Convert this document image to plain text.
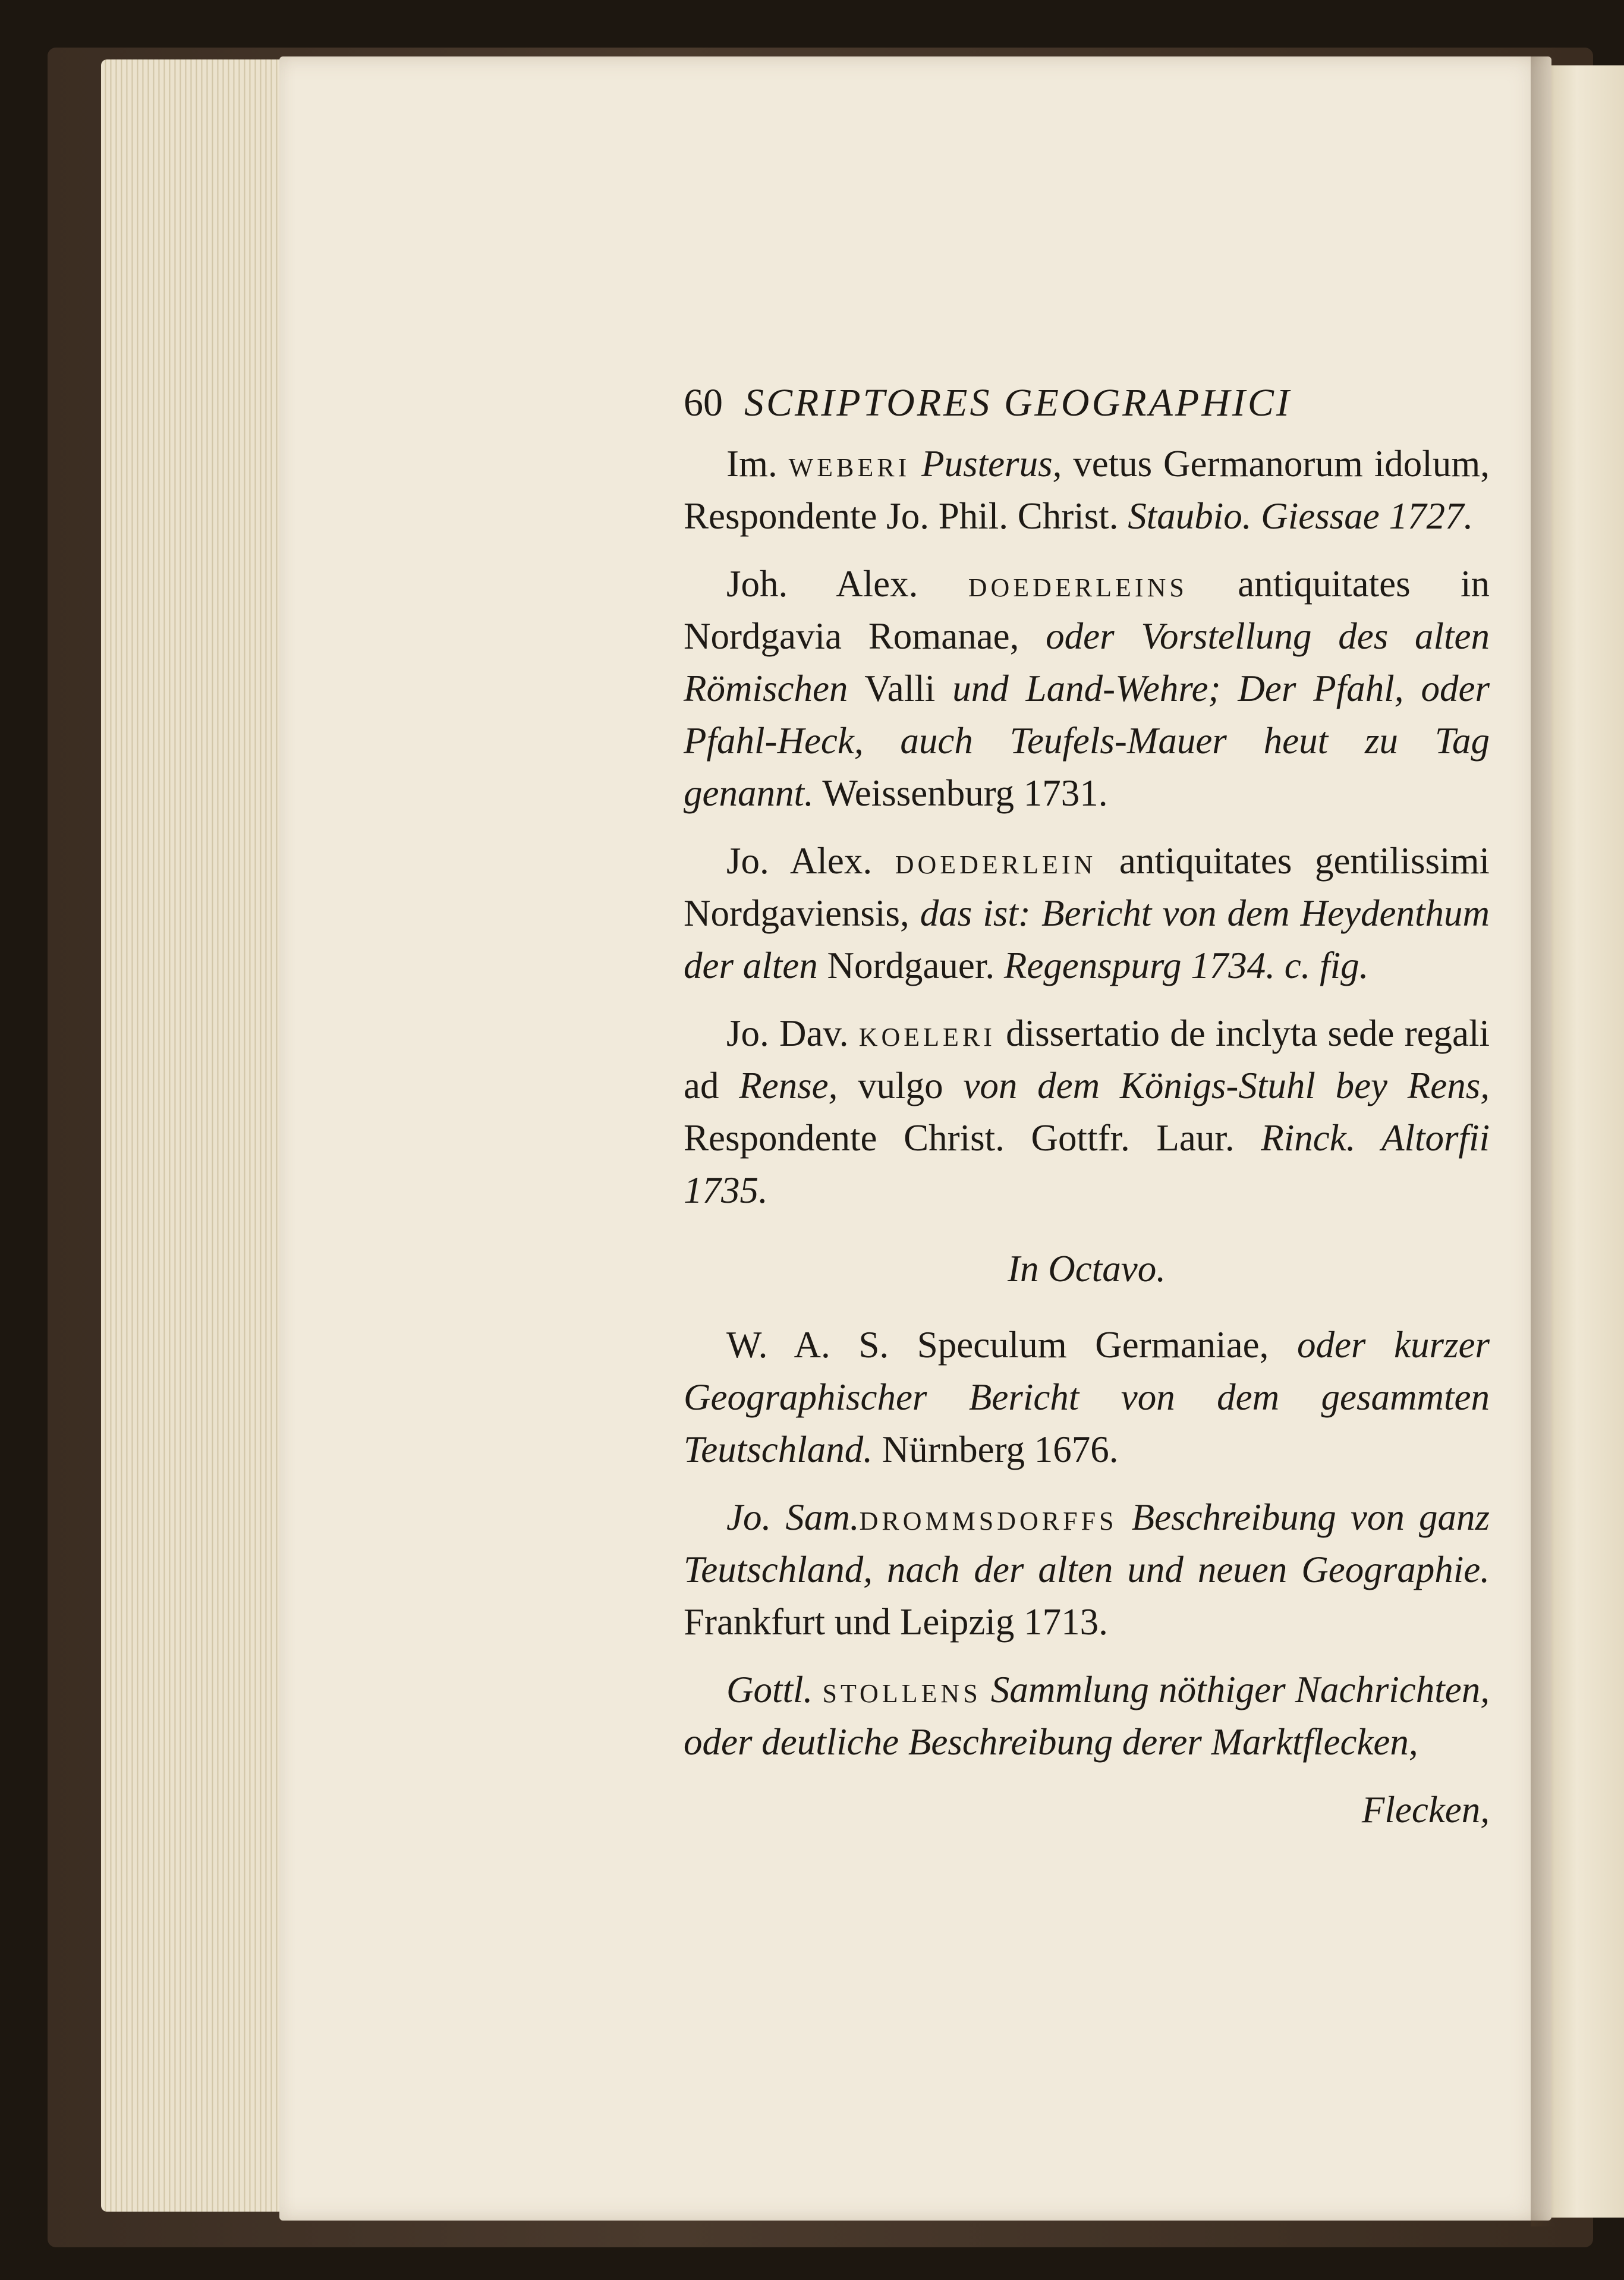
60 SCRIPTORES GEOGRAPHICI

Im. weberi Pusterus, vetus Germanorum idolum, Respondente Jo. Phil. Christ. Staubio. Giessae 1727.

Joh. Alex. doederleins antiquitates in Nordgavia Romanae, oder Vorstellung des alten Römischen Valli und Land-Wehre; Der Pfahl, oder Pfahl-Heck, auch Teufels-Mauer heut zu Tag genannt. Weissenburg 1731.

Jo. Alex. doederlein antiquitates gentilissimi Nordgaviensis, das ist: Bericht von dem Heydenthum der alten Nordgauer. Regenspurg 1734. c. fig.

Jo. Dav. koeleri dissertatio de inclyta sede regali ad Rense, vulgo von dem Königs-Stuhl bey Rens, Respondente Christ. Gottfr. Laur. Rinck. Altorfii 1735.

In Octavo.

W. A. S. Speculum Germaniae, oder kurzer Geographischer Bericht von dem gesammten Teutschland. Nürnberg 1676.

Jo. Sam.drommsdorffs Beschreibung von ganz Teutschland, nach der alten und neuen Geographie. Frankfurt und Leipzig 1713.

Gottl. stollens Sammlung nöthiger Nachrichten, oder deutliche Beschreibung derer Marktflecken,

Flecken,
